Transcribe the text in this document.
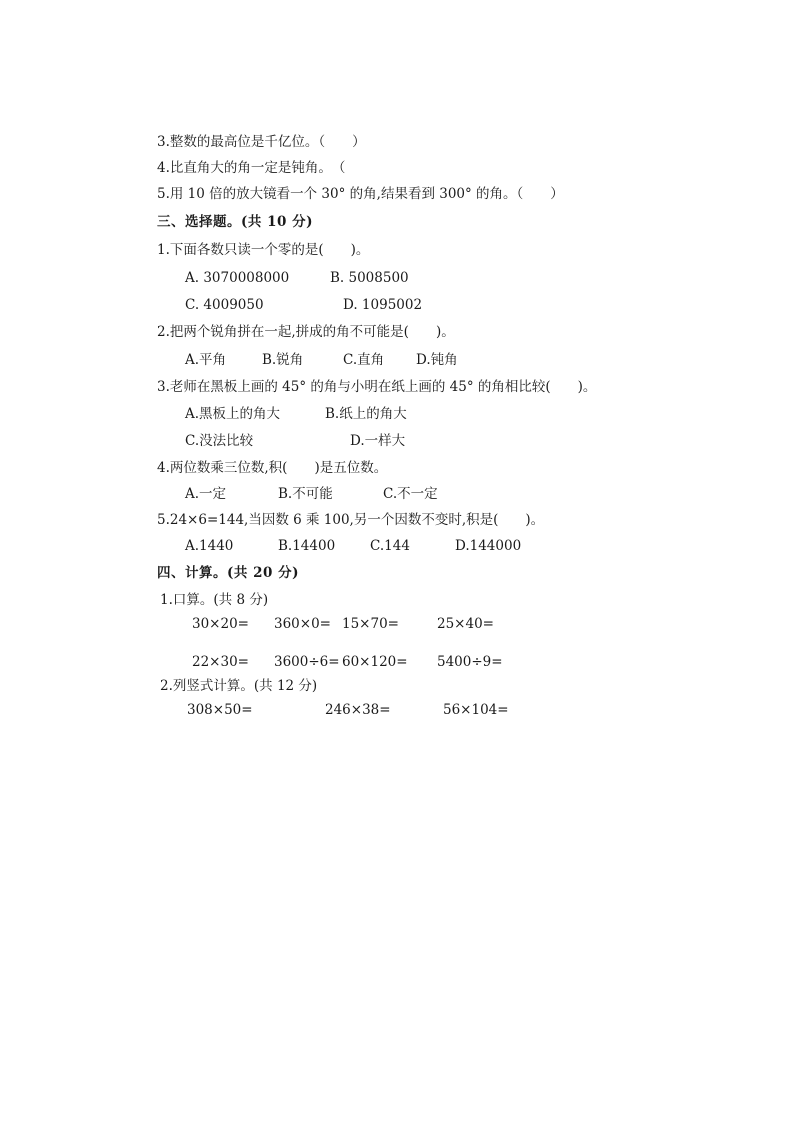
3.整数的最高位是千亿位。（　　）
4.比直角大的角一定是钝角。　（
5.用 10 倍的放大镜看一个 30° 的角,结果看到 300° 的角。（　　）
三、选择题。(共 10 分)
1.下面各数只读一个零的是(　　)。
A. 3070008000	B. 5008500
C. 4009050	D. 1095002
2.把两个锐角拼在一起,拼成的角不可能是(　　)。
A.平角	B.锐角	C.直角 D.钝角
3.老师在黑板上画的 45° 的角与小明在纸上画的 45° 的角相比较(　　)。
A.黑板上的角大	B.纸上的角大
C.没法比较	D.一样大
4.两位数乘三位数,积(　　)是五位数。
A.一定	B.不可能	C.不一定
5.24×6=144,当因数 6 乘 100,另一个因数不变时,积是(　　)。
A.1440	B.14400	C.144	D.144000
四、计算。(共 20 分)
1.口算。(共 8 分)
30×20= 360×0= 15×70=	25×40=
22×30= 3600÷6= 60×120= 5400÷9=
2.列竖式计算。(共 12 分)
308×50=	246×38=	56×104=
